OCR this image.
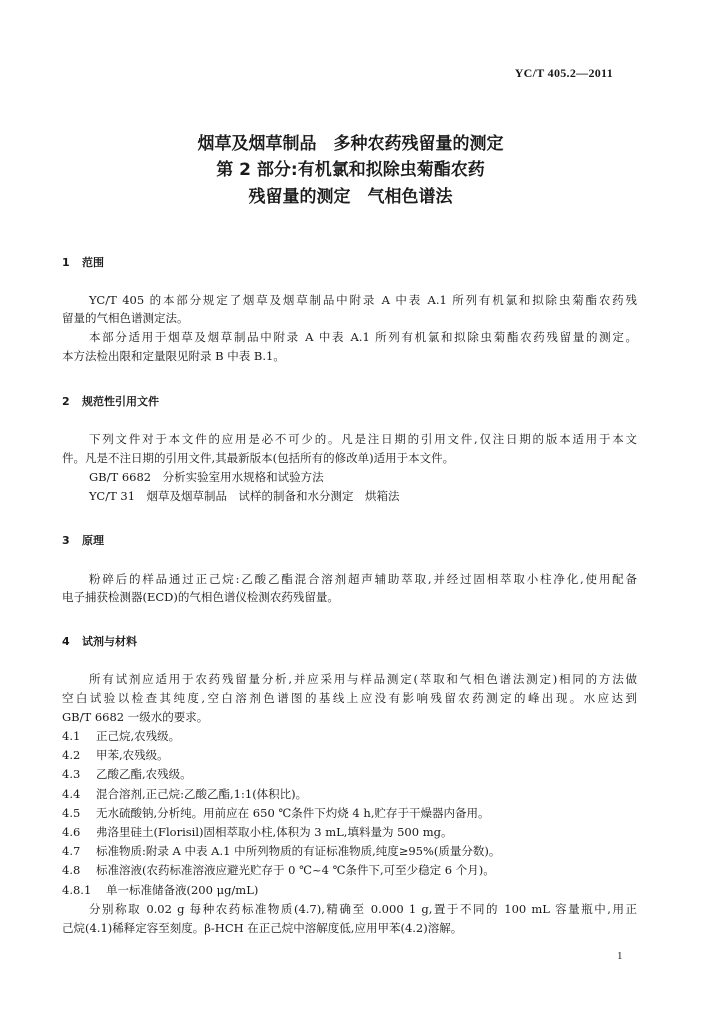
YC/T 405.2—2011
烟草及烟草制品　多种农药残留量的测定
第 2 部分:有机氯和拟除虫菊酯农药
残留量的测定　气相色谱法
1 范围
YC/T 405 的本部分规定了烟草及烟草制品中附录 A 中表 A.1 所列有机氯和拟除虫菊酯农药残
留量的气相色谱测定法。
本部分适用于烟草及烟草制品中附录 A 中表 A.1 所列有机氯和拟除虫菊酯农药残留量的测定。
本方法检出限和定量限见附录 B 中表 B.1。
2 规范性引用文件
下列文件对于本文件的应用是必不可少的。凡是注日期的引用文件,仅注日期的版本适用于本文
件。凡是不注日期的引用文件,其最新版本(包括所有的修改单)适用于本文件。
GB/T 6682　分析实验室用水规格和试验方法
YC/T 31　烟草及烟草制品　试样的制备和水分测定　烘箱法
3 原理
粉碎后的样品通过正己烷:乙酸乙酯混合溶剂超声辅助萃取,并经过固相萃取小柱净化,使用配备
电子捕获检测器(ECD)的气相色谱仪检测农药残留量。
4 试剂与材料
所有试剂应适用于农药残留量分析,并应采用与样品测定(萃取和气相色谱法测定)相同的方法做
空白试验以检查其纯度,空白溶剂色谱图的基线上应没有影响残留农药测定的峰出现。水应达到
GB/T 6682 一级水的要求。
4.1 正己烷,农残级。
4.2 甲苯,农残级。
4.3 乙酸乙酯,农残级。
4.4 混合溶剂,正己烷:乙酸乙酯,1:1(体积比)。
4.5 无水硫酸钠,分析纯。用前应在 650 ℃条件下灼烧 4 h,贮存于干燥器内备用。
4.6 弗洛里硅土(Florisil)固相萃取小柱,体积为 3 mL,填料量为 500 mg。
4.7 标准物质:附录 A 中表 A.1 中所列物质的有证标准物质,纯度≥95%(质量分数)。
4.8 标准溶液(农药标准溶液应避光贮存于 0 ℃~4 ℃条件下,可至少稳定 6 个月)。
4.8.1 单一标准储备液(200 μg/mL)
分别称取 0.02 g 每种农药标准物质(4.7),精确至 0.000 1 g,置于不同的 100 mL 容量瓶中,用正
己烷(4.1)稀释定容至刻度。β-HCH 在正己烷中溶解度低,应用甲苯(4.2)溶解。
1
